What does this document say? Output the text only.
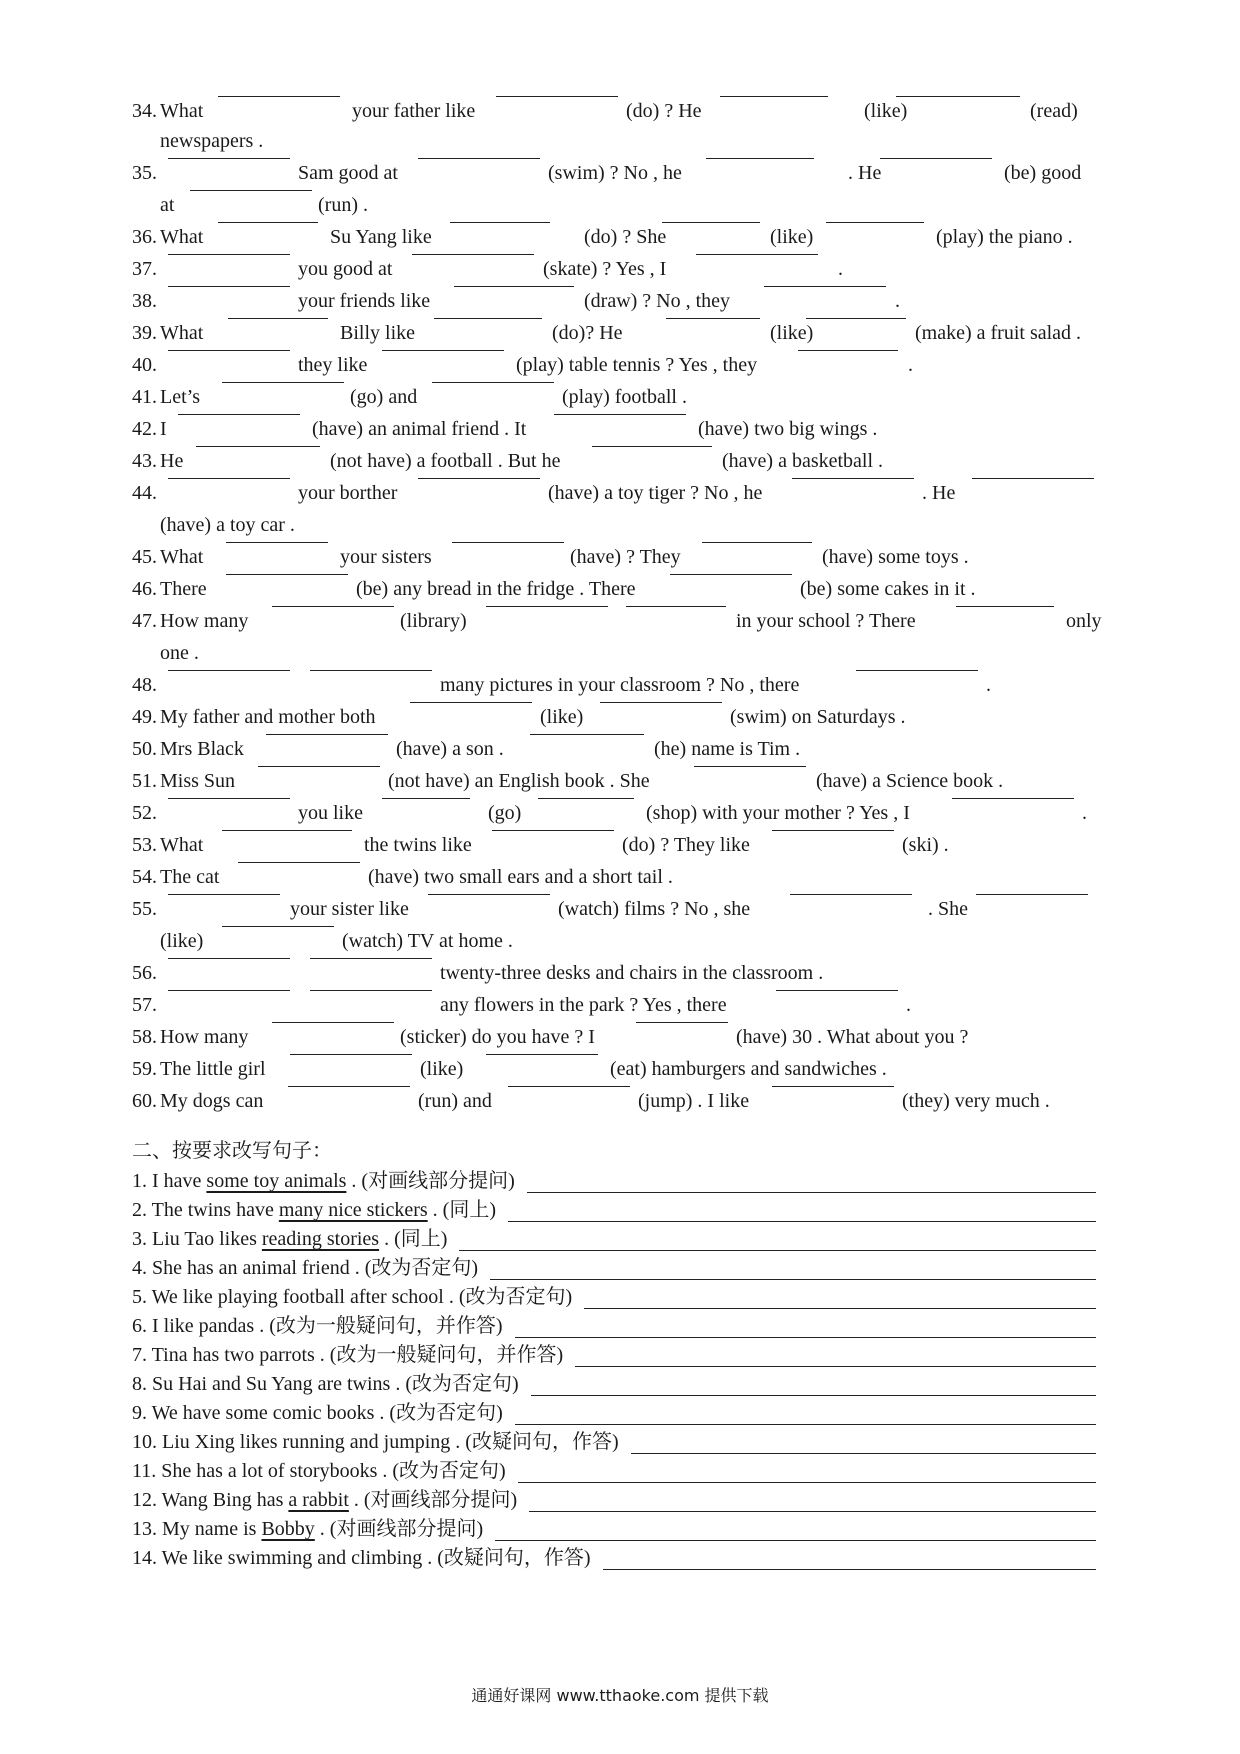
34. What	your father like	(do) ? He	(like)	(read)
newspapers .
35.	Sam good at	(swim) ? No , he	. He	(be) good
at	(run) .
36. What	Su Yang like	(do) ? She	(like)	(play) the piano .
37.	you good at	(skate) ? Yes , I	.
38.	your friends like	(draw) ? No , they	.
39. What	Billy like	(do)? He	(like)	(make) a fruit salad .
40.	they like	(play) table tennis ? Yes , they	.
41. Let’s	(go) and	(play) football .
42. I	(have) an animal friend . It	(have) two big wings .
43. He	(not have) a football . But he	(have) a basketball .
44.	your borther	(have) a toy tiger ? No , he	. He
(have) a toy car .
45. What	your sisters	(have) ? They	(have) some toys .
46. There	(be) any bread in the fridge . There	(be) some cakes in it .
47. How many	(library)	in your school ? There	only
one .
48.	many pictures in your classroom ? No , there	.
49. My father and mother both	(like)	(swim) on Saturdays .
50. Mrs Black	(have) a son .	(he) name is Tim .
51. Miss Sun	(not have) an English book . She	(have) a Science book .
52.	you like	(go)	(shop) with your mother ? Yes , I	.
53. What	the twins like	(do) ? They like	(ski) .
54. The cat	(have) two small ears and a short tail .
55.	your sister like	(watch) films ? No , she	. She
(like)	(watch) TV at home .
56.	twenty-three desks and chairs in the classroom .
57.	any flowers in the park ? Yes , there	.
58. How many	(sticker) do you have ? I	(have) 30 . What about you ?
59. The little girl	(like)	(eat) hamburgers and sandwiches .
60. My dogs can	(run) and	(jump) . I like	(they) very much .
二、按要求改写句子：
1. I have some toy animals . (对画线部分提问)
2. The twins have many nice stickers . (同上)
3. Liu Tao likes reading stories . (同上)
4. She has an animal friend . (改为否定句)
5. We like playing football after school . (改为否定句)
6. I like pandas . (改为一般疑问句，并作答)
7. Tina has two parrots . (改为一般疑问句，并作答)
8. Su Hai and Su Yang are twins . (改为否定句)
9. We have some comic books . (改为否定句)
10. Liu Xing likes running and jumping . (改疑问句，作答)
11. She has a lot of storybooks . (改为否定句)
12. Wang Bing has a rabbit . (对画线部分提问)
13. My name is Bobby . (对画线部分提问)
14. We like swimming and climbing . (改疑问句，作答)
通通好课网 www.tthaoke.com 提供下载
